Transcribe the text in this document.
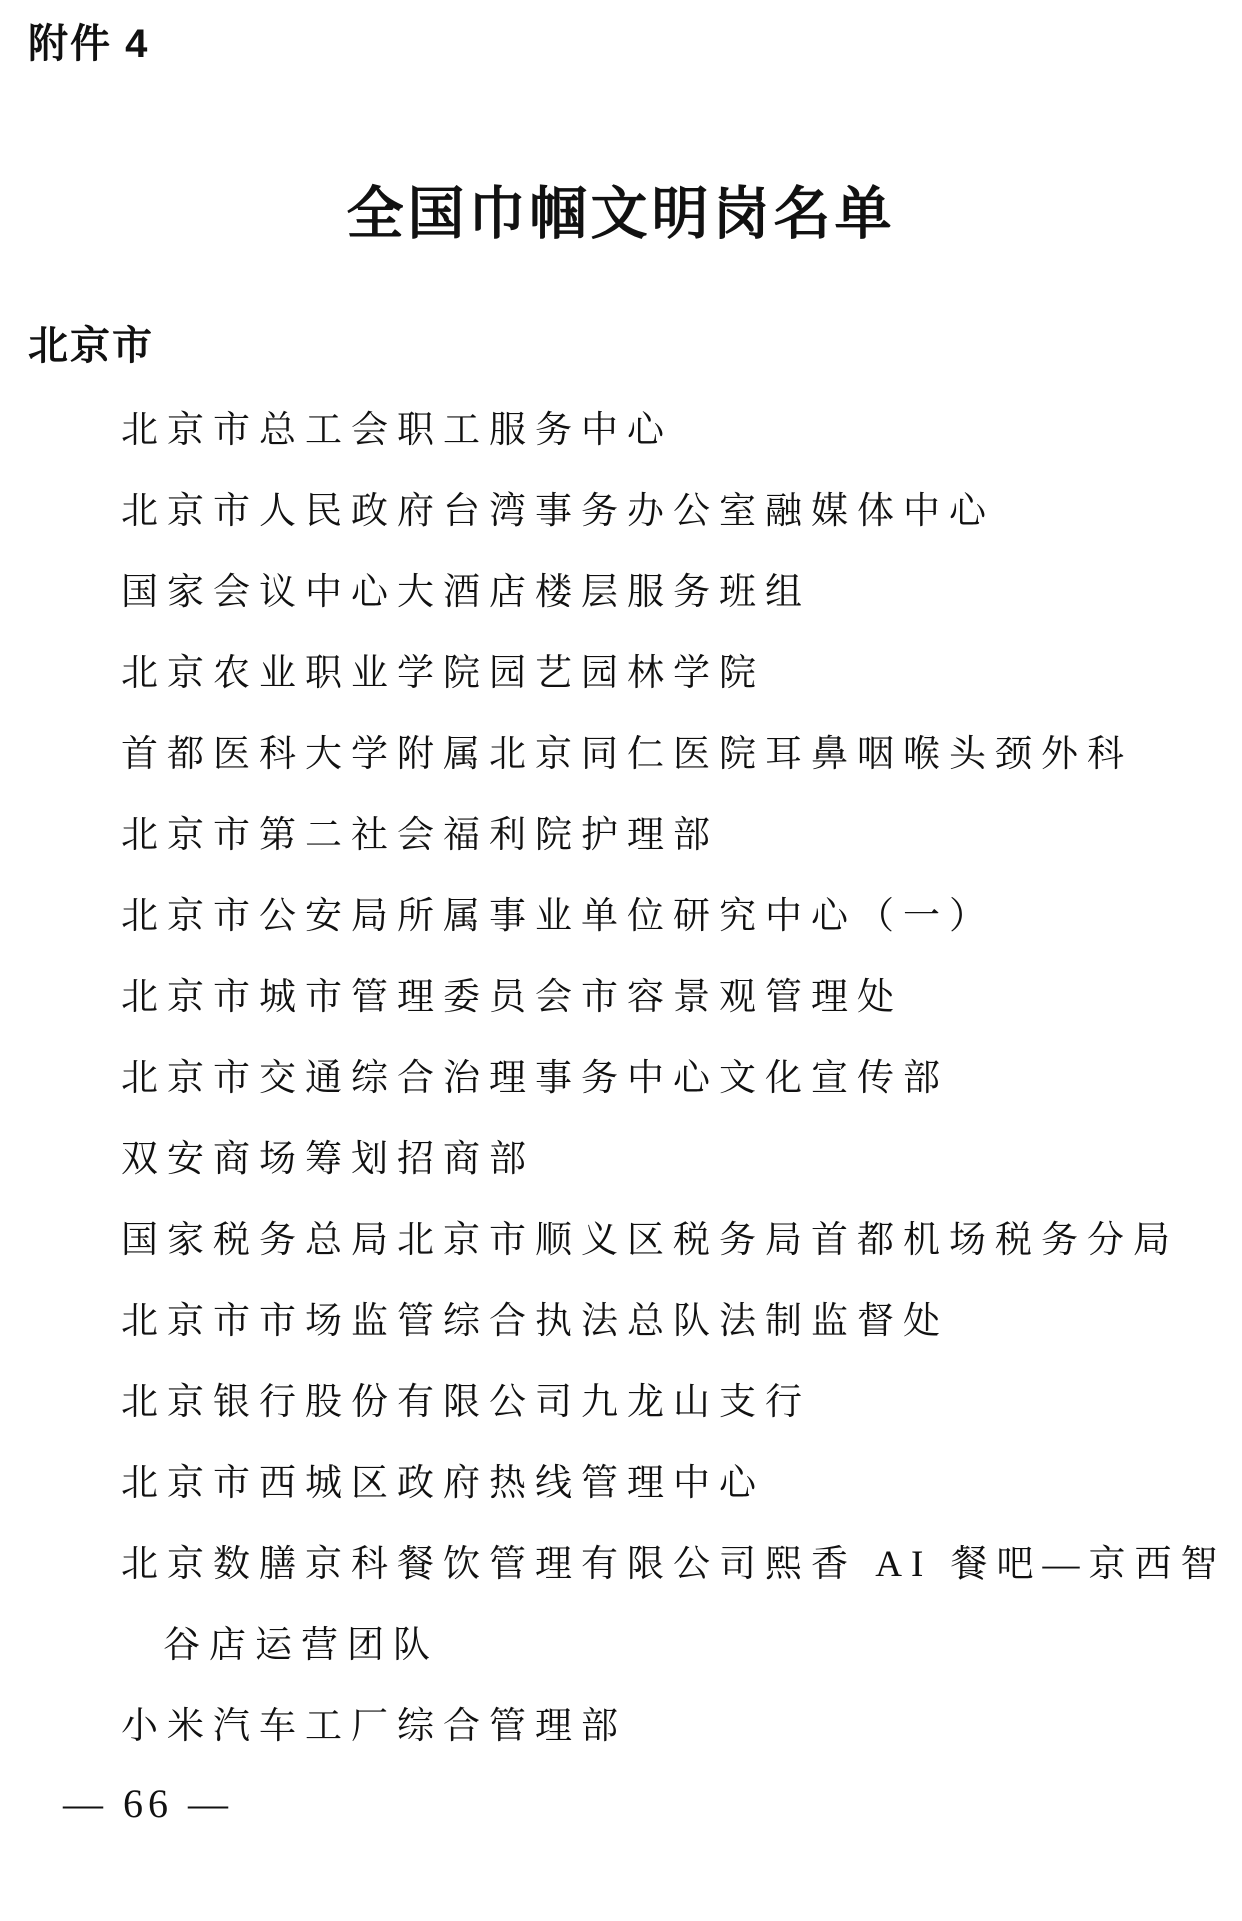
附件 4
全国巾帼文明岗名单
北京市
北京市总工会职工服务中心
北京市人民政府台湾事务办公室融媒体中心
国家会议中心大酒店楼层服务班组
北京农业职业学院园艺园林学院
首都医科大学附属北京同仁医院耳鼻咽喉头颈外科
北京市第二社会福利院护理部
北京市公安局所属事业单位研究中心（一）
北京市城市管理委员会市容景观管理处
北京市交通综合治理事务中心文化宣传部
双安商场筹划招商部
国家税务总局北京市顺义区税务局首都机场税务分局
北京市市场监管综合执法总队法制监督处
北京银行股份有限公司九龙山支行
北京市西城区政府热线管理中心
北京数膳京科餐饮管理有限公司熙香 AI 餐吧—京西智
谷店运营团队
小米汽车工厂综合管理部
— 66 —
